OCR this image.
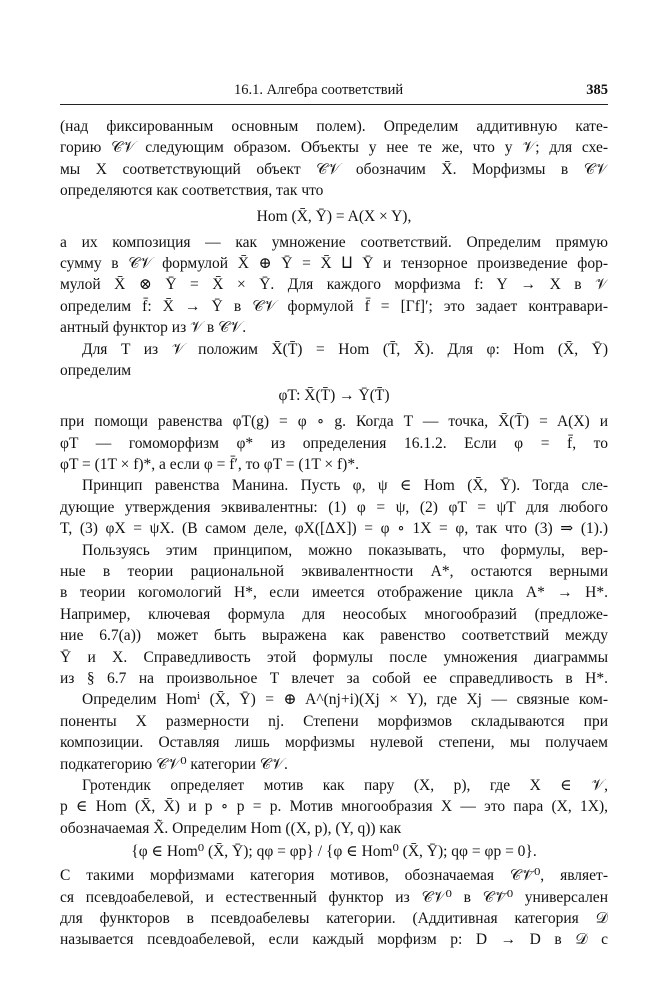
16.1. Алгебра соответствий	385
(над фиксированным основным полем). Определим аддитивную кате-
горию 𝒞𝒱 следующим образом. Объекты у нее те же, что у 𝒱; для схе-
мы X соответствующий объект 𝒞𝒱 обозначим X̄. Морфизмы в 𝒞𝒱
определяются как соответствия, так что
Hom (X̄, Ȳ) = A(X × Y),
а их композиция — как умножение соответствий. Определим прямую
сумму в 𝒞𝒱 формулой X̄ ⊕ Ȳ = X̄ ⨿ Ȳ и тензорное произведение фор-
мулой X̄ ⊗ Ȳ = X̄ × Ȳ. Для каждого морфизма f: Y → X в 𝒱
определим f̄: X̄ → Ȳ в 𝒞𝒱 формулой f̄ = [Γf]′; это задает контравари-
антный функтор из 𝒱 в 𝒞𝒱.
Для T из 𝒱 положим X̄(T̄) = Hom (T̄, X̄). Для φ: Hom (X̄, Ȳ)
определим
φT: X̄(T̄) → Ȳ(T̄)
при помощи равенства φT(g) = φ ∘ g. Когда T — точка, X̄(T̄) = A(X) и
φT — гомоморфизм φ* из определения 16.1.2. Если φ = f̄, то
φT = (1T × f)*, а если φ = f̄′, то φT = (1T × f)*.
Принцип равенства Манина. Пусть φ, ψ ∈ Hom (X̄, Ȳ). Тогда сле-
дующие утверждения эквивалентны: (1) φ = ψ, (2) φT = ψT для любого
T, (3) φX = ψX. (В самом деле, φX([ΔX]) = φ ∘ 1X = φ, так что (3) ⇒ (1).)
Пользуясь этим принципом, можно показывать, что формулы, вер-
ные в теории рациональной эквивалентности A*, остаются верными
в теории когомологий H*, если имеется отображение цикла A* → H*.
Например, ключевая формула для неособых многообразий (предложе-
ние 6.7(a)) может быть выражена как равенство соответствий между
Ȳ и X. Справедливость этой формулы после умножения диаграммы
из § 6.7 на произвольное T влечет за собой ее справедливость в H*.
Определим Homⁱ (X̄, Ȳ) = ⊕ A^(nj+i)(Xj × Y), где Xj — связные ком-
поненты X размерности nj. Степени морфизмов складываются при
композиции. Оставляя лишь морфизмы нулевой степени, мы получаем
подкатегорию 𝒞𝒱⁰ категории 𝒞𝒱.
Гротендик определяет мотив как пару (X, p), где X ∈ 𝒱,
p ∈ Hom (X̄, X̄) и p ∘ p = p. Мотив многообразия X — это пара (X, 1X),
обозначаемая X̃. Определим Hom ((X, p), (Y, q)) как
{φ ∈ Hom⁰ (X̄, Ȳ); qφ = φp} / {φ ∈ Hom⁰ (X̄, Ȳ); qφ = φp = 0}.
С такими морфизмами категория мотивов, обозначаемая 𝒞𝒱̃⁰, являет-
ся псевдоабелевой, и естественный функтор из 𝒞𝒱⁰ в 𝒞𝒱̃⁰ универсален
для функторов в псевдоабелевы категории. (Аддитивная категория 𝒟
называется псевдоабелевой, если каждый морфизм p: D → D в 𝒟 с
